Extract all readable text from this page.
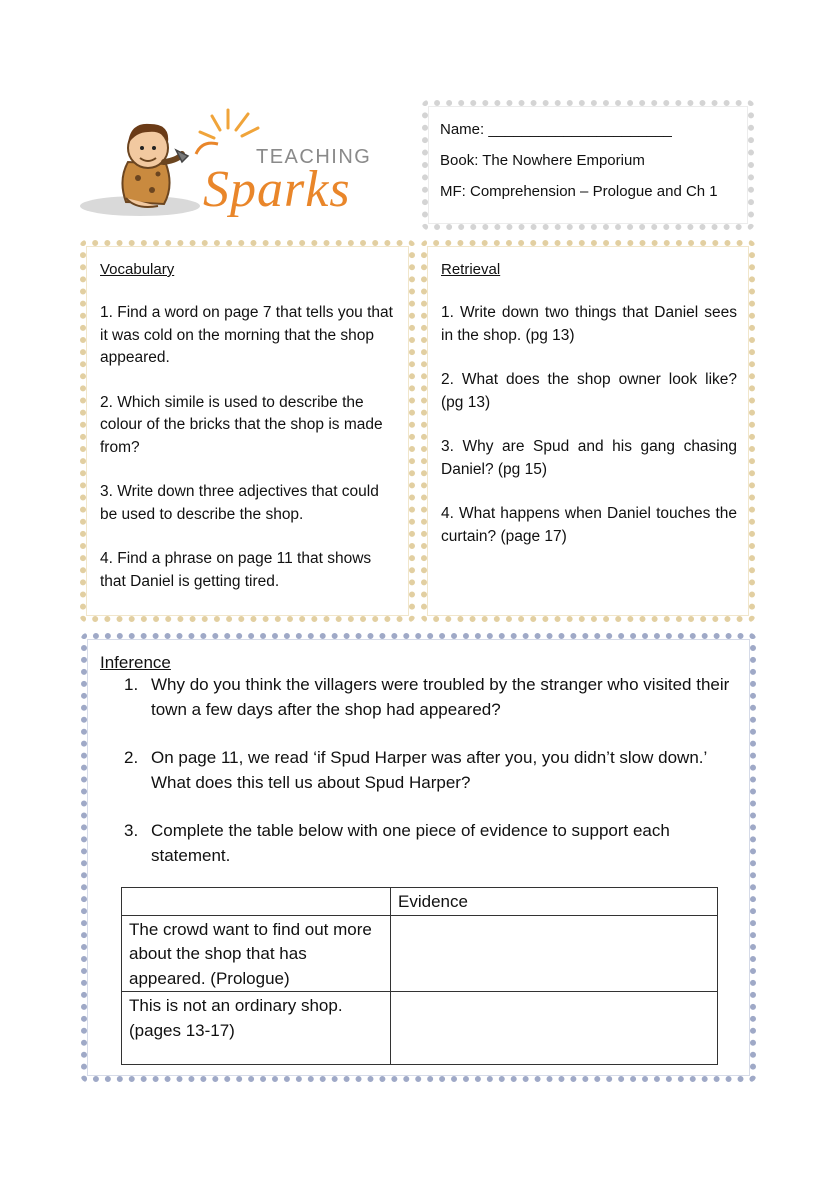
TEACHING
Sparks
Name: ______________________
Book: The Nowhere Emporium
MF: Comprehension – Prologue and Ch 1
Vocabulary
1. Find a word on page 7 that tells you that it was cold on the morning that the shop appeared.
2. Which simile is used to describe the colour of the bricks that the shop is made from?
3. Write down three adjectives that could be used to describe the shop.
4. Find a phrase on page 11 that shows that Daniel is getting tired.
Retrieval
1. Write down two things that Daniel sees in the shop. (pg 13)
2. What does the shop owner look like? (pg 13)
3. Why are Spud and his gang chasing Daniel? (pg 15)
4. What happens when Daniel touches the curtain? (page 17)
Inference
1. Why do you think the villagers were troubled by the stranger who visited their town a few days after the shop had appeared?
2. On page 11, we read ‘if Spud Harper was after you, you didn’t slow down.’ What does this tell us about Spud Harper?
3. Complete the table below with one piece of evidence to support each statement.
	Evidence
The crowd want to find out more about the shop that has appeared. (Prologue)	
This is not an ordinary shop. (pages 13-17)	
